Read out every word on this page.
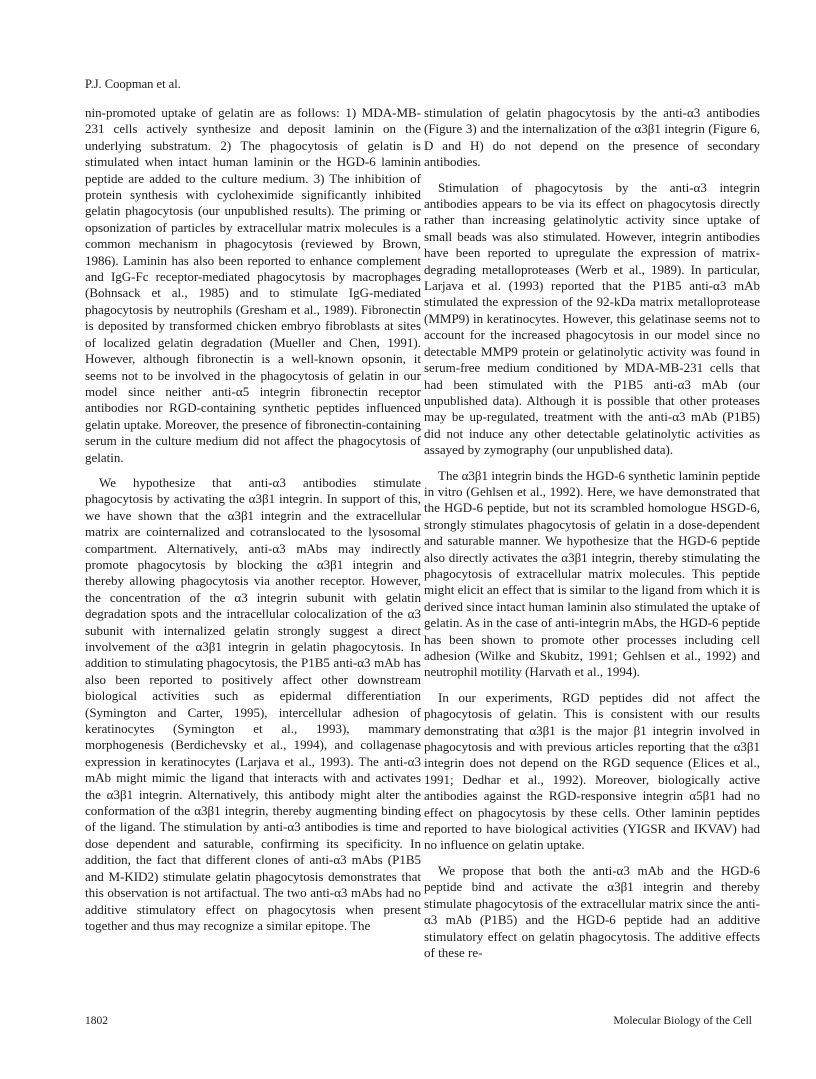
P.J. Coopman et al.

nin-promoted uptake of gelatin are as follows: 1) MDA-MB-231 cells actively synthesize and deposit laminin on the underlying substratum. 2) The phagocytosis of gelatin is stimulated when intact human laminin or the HGD-6 laminin peptide are added to the culture medium. 3) The inhibition of protein synthesis with cycloheximide significantly inhibited gelatin phagocytosis (our unpublished results). The priming or opsonization of particles by extracellular matrix molecules is a common mechanism in phagocytosis (reviewed by Brown, 1986). Laminin has also been reported to enhance complement and IgG-Fc receptor-mediated phagocytosis by macrophages (Bohnsack et al., 1985) and to stimulate IgG-mediated phagocytosis by neutrophils (Gresham et al., 1989). Fibronectin is deposited by transformed chicken embryo fibroblasts at sites of localized gelatin degradation (Mueller and Chen, 1991). However, although fibronectin is a well-known opsonin, it seems not to be involved in the phagocytosis of gelatin in our model since neither anti-α5 integrin fibronectin receptor antibodies nor RGD-containing synthetic peptides influenced gelatin uptake. Moreover, the presence of fibronectin-containing serum in the culture medium did not affect the phagocytosis of gelatin.

We hypothesize that anti-α3 antibodies stimulate phagocytosis by activating the α3β1 integrin. In support of this, we have shown that the α3β1 integrin and the extracellular matrix are cointernalized and cotranslocated to the lysosomal compartment. Alternatively, anti-α3 mAbs may indirectly promote phagocytosis by blocking the α3β1 integrin and thereby allowing phagocytosis via another receptor. However, the concentration of the α3 integrin subunit with gelatin degradation spots and the intracellular colocalization of the α3 subunit with internalized gelatin strongly suggest a direct involvement of the α3β1 integrin in gelatin phagocytosis. In addition to stimulating phagocytosis, the P1B5 anti-α3 mAb has also been reported to positively affect other downstream biological activities such as epidermal differentiation (Symington and Carter, 1995), intercellular adhesion of keratinocytes (Symington et al., 1993), mammary morphogenesis (Berdichevsky et al., 1994), and collagenase expression in keratinocytes (Larjava et al., 1993). The anti-α3 mAb might mimic the ligand that interacts with and activates the α3β1 integrin. Alternatively, this antibody might alter the conformation of the α3β1 integrin, thereby augmenting binding of the ligand. The stimulation by anti-α3 antibodies is time and dose dependent and saturable, confirming its specificity. In addition, the fact that different clones of anti-α3 mAbs (P1B5 and M-KID2) stimulate gelatin phagocytosis demonstrates that this observation is not artifactual. The two anti-α3 mAbs had no additive stimulatory effect on phagocytosis when present together and thus may recognize a similar epitope. The

stimulation of gelatin phagocytosis by the anti-α3 antibodies (Figure 3) and the internalization of the α3β1 integrin (Figure 6, D and H) do not depend on the presence of secondary antibodies.

Stimulation of phagocytosis by the anti-α3 integrin antibodies appears to be via its effect on phagocytosis directly rather than increasing gelatinolytic activity since uptake of small beads was also stimulated. However, integrin antibodies have been reported to upregulate the expression of matrix-degrading metalloproteases (Werb et al., 1989). In particular, Larjava et al. (1993) reported that the P1B5 anti-α3 mAb stimulated the expression of the 92-kDa matrix metalloprotease (MMP9) in keratinocytes. However, this gelatinase seems not to account for the increased phagocytosis in our model since no detectable MMP9 protein or gelatinolytic activity was found in serum-free medium conditioned by MDA-MB-231 cells that had been stimulated with the P1B5 anti-α3 mAb (our unpublished data). Although it is possible that other proteases may be up-regulated, treatment with the anti-α3 mAb (P1B5) did not induce any other detectable gelatinolytic activities as assayed by zymography (our unpublished data).

The α3β1 integrin binds the HGD-6 synthetic laminin peptide in vitro (Gehlsen et al., 1992). Here, we have demonstrated that the HGD-6 peptide, but not its scrambled homologue HSGD-6, strongly stimulates phagocytosis of gelatin in a dose-dependent and saturable manner. We hypothesize that the HGD-6 peptide also directly activates the α3β1 integrin, thereby stimulating the phagocytosis of extracellular matrix molecules. This peptide might elicit an effect that is similar to the ligand from which it is derived since intact human laminin also stimulated the uptake of gelatin. As in the case of anti-integrin mAbs, the HGD-6 peptide has been shown to promote other processes including cell adhesion (Wilke and Skubitz, 1991; Gehlsen et al., 1992) and neutrophil motility (Harvath et al., 1994).

In our experiments, RGD peptides did not affect the phagocytosis of gelatin. This is consistent with our results demonstrating that α3β1 is the major β1 integrin involved in phagocytosis and with previous articles reporting that the α3β1 integrin does not depend on the RGD sequence (Elices et al., 1991; Dedhar et al., 1992). Moreover, biologically active antibodies against the RGD-responsive integrin α5β1 had no effect on phagocytosis by these cells. Other laminin peptides reported to have biological activities (YIGSR and IKVAV) had no influence on gelatin uptake.

We propose that both the anti-α3 mAb and the HGD-6 peptide bind and activate the α3β1 integrin and thereby stimulate phagocytosis of the extracellular matrix since the anti-α3 mAb (P1B5) and the HGD-6 peptide had an additive stimulatory effect on gelatin phagocytosis. The additive effects of these re-

1802	Molecular Biology of the Cell
